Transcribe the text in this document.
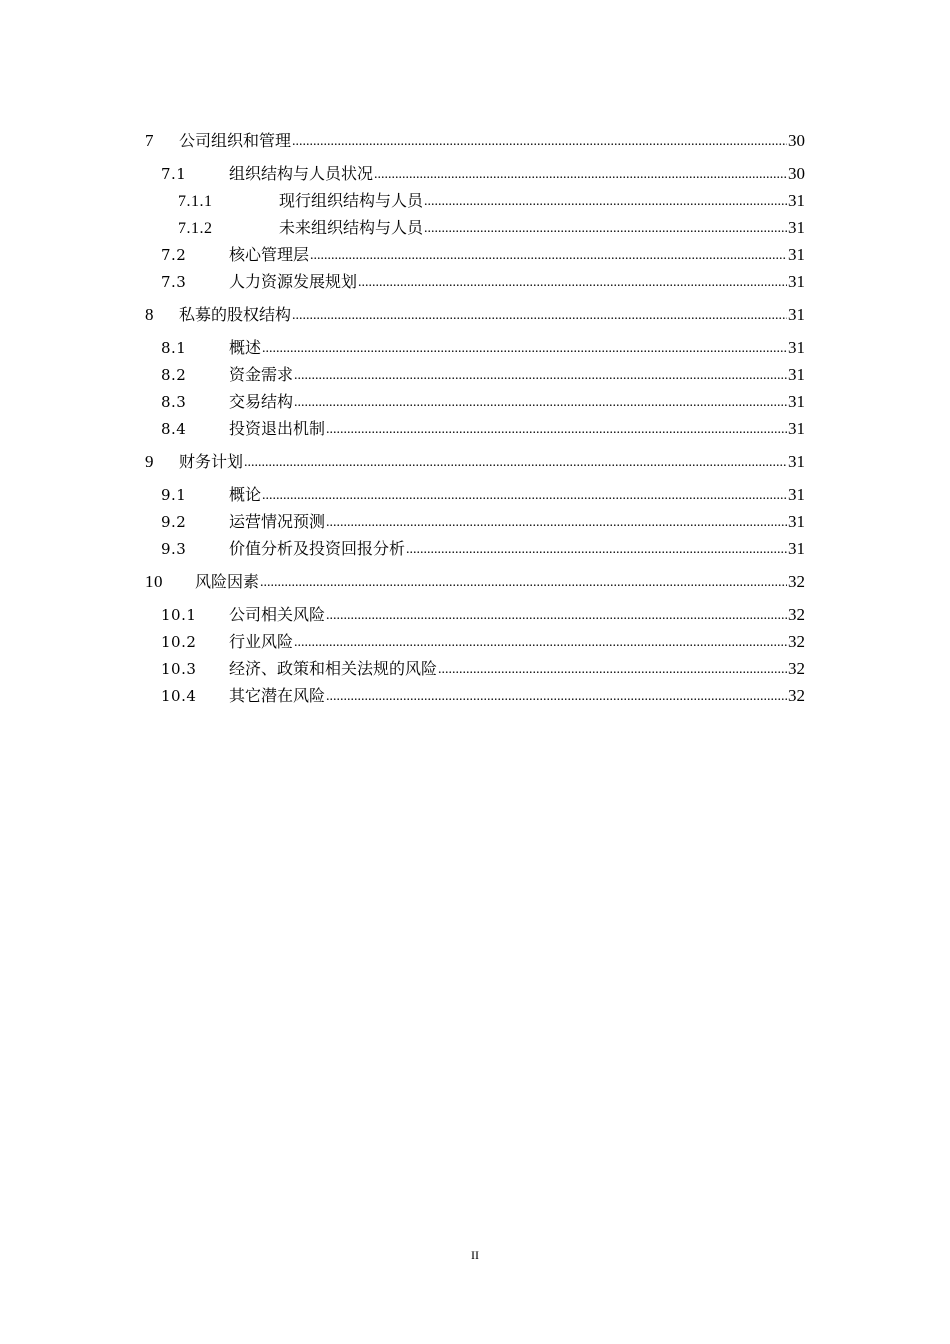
7	公司组织和管理 .....	30
7.1	组织结构与人员状况 .....	30
7.1.1	现行组织结构与人员 .....	31
7.1.2	未来组织结构与人员 .....	31
7.2	核心管理层 .....	31
7.3	人力资源发展规划 .....	31
8	私募的股权结构 .....	31
8.1	概述 .....	31
8.2	资金需求 .....	31
8.3	交易结构 .....	31
8.4	投资退出机制 .....	31
9	财务计划 .....	31
9.1	概论 .....	31
9.2	运营情况预测 .....	31
9.3	价值分析及投资回报分析 .....	31
10	风险因素 .....	32
10.1	公司相关风险 .....	32
10.2	行业风险 .....	32
10.3	经济、政策和相关法规的风险 .....	32
10.4	其它潜在风险 .....	32
II
